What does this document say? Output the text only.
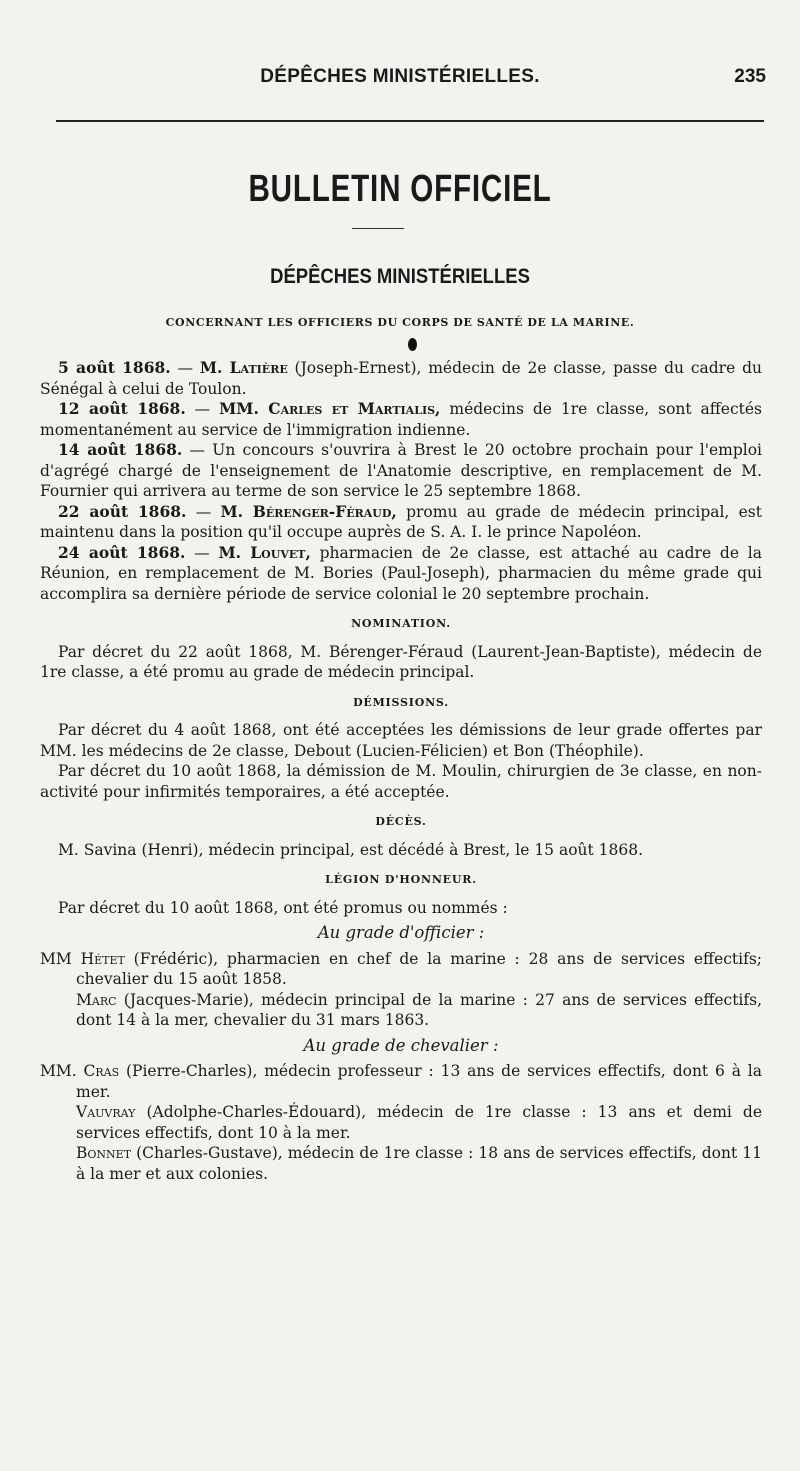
DÉPÊCHES MINISTÉRIELLES.	235
BULLETIN OFFICIEL
DÉPÊCHES MINISTÉRIELLES
CONCERNANT LES OFFICIERS DU CORPS DE SANTÉ DE LA MARINE.

5 août 1868. — M. Latière (Joseph-Ernest), médecin de 2e classe, passe du cadre du Sénégal à celui de Toulon.

12 août 1868. — MM. Carles et Martialis, médecins de 1re classe, sont affectés momentanément au service de l'immigration indienne.

14 août 1868. — Un concours s'ouvrira à Brest le 20 octobre prochain pour l'emploi d'agrégé chargé de l'enseignement de l'Anatomie descriptive, en remplacement de M. Fournier qui arrivera au terme de son service le 25 septembre 1868.

22 août 1868. — M. Bérenger-Féraud, promu au grade de médecin principal, est maintenu dans la position qu'il occupe auprès de S. A. I. le prince Napoléon.

24 août 1868. — M. Louvet, pharmacien de 2e classe, est attaché au cadre de la Réunion, en remplacement de M. Bories (Paul-Joseph), pharmacien du même grade qui accomplira sa dernière période de service colonial le 20 septembre prochain.

NOMINATION.

Par décret du 22 août 1868, M. Bérenger-Féraud (Laurent-Jean-Baptiste), médecin de 1re classe, a été promu au grade de médecin principal.

DÉMISSIONS.

Par décret du 4 août 1868, ont été acceptées les démissions de leur grade offertes par MM. les médecins de 2e classe, Debout (Lucien-Félicien) et Bon (Théophile).

Par décret du 10 août 1868, la démission de M. Moulin, chirurgien de 3e classe, en non-activité pour infirmités temporaires, a été acceptée.

DÉCÈS.

M. Savina (Henri), médecin principal, est décédé à Brest, le 15 août 1868.

LÉGION D'HONNEUR.

Par décret du 10 août 1868, ont été promus ou nommés :

Au grade d'officier :

MM Hétet (Frédéric), pharmacien en chef de la marine : 28 ans de services effectifs; chevalier du 15 août 1858.

Marc (Jacques-Marie), médecin principal de la marine : 27 ans de services effectifs, dont 14 à la mer, chevalier du 31 mars 1863.

Au grade de chevalier :

MM. Cras (Pierre-Charles), médecin professeur : 13 ans de services effectifs, dont 6 à la mer.

Vauvray (Adolphe-Charles-Édouard), médecin de 1re classe : 13 ans et demi de services effectifs, dont 10 à la mer.

Bonnet (Charles-Gustave), médecin de 1re classe : 18 ans de services effectifs, dont 11 à la mer et aux colonies.
